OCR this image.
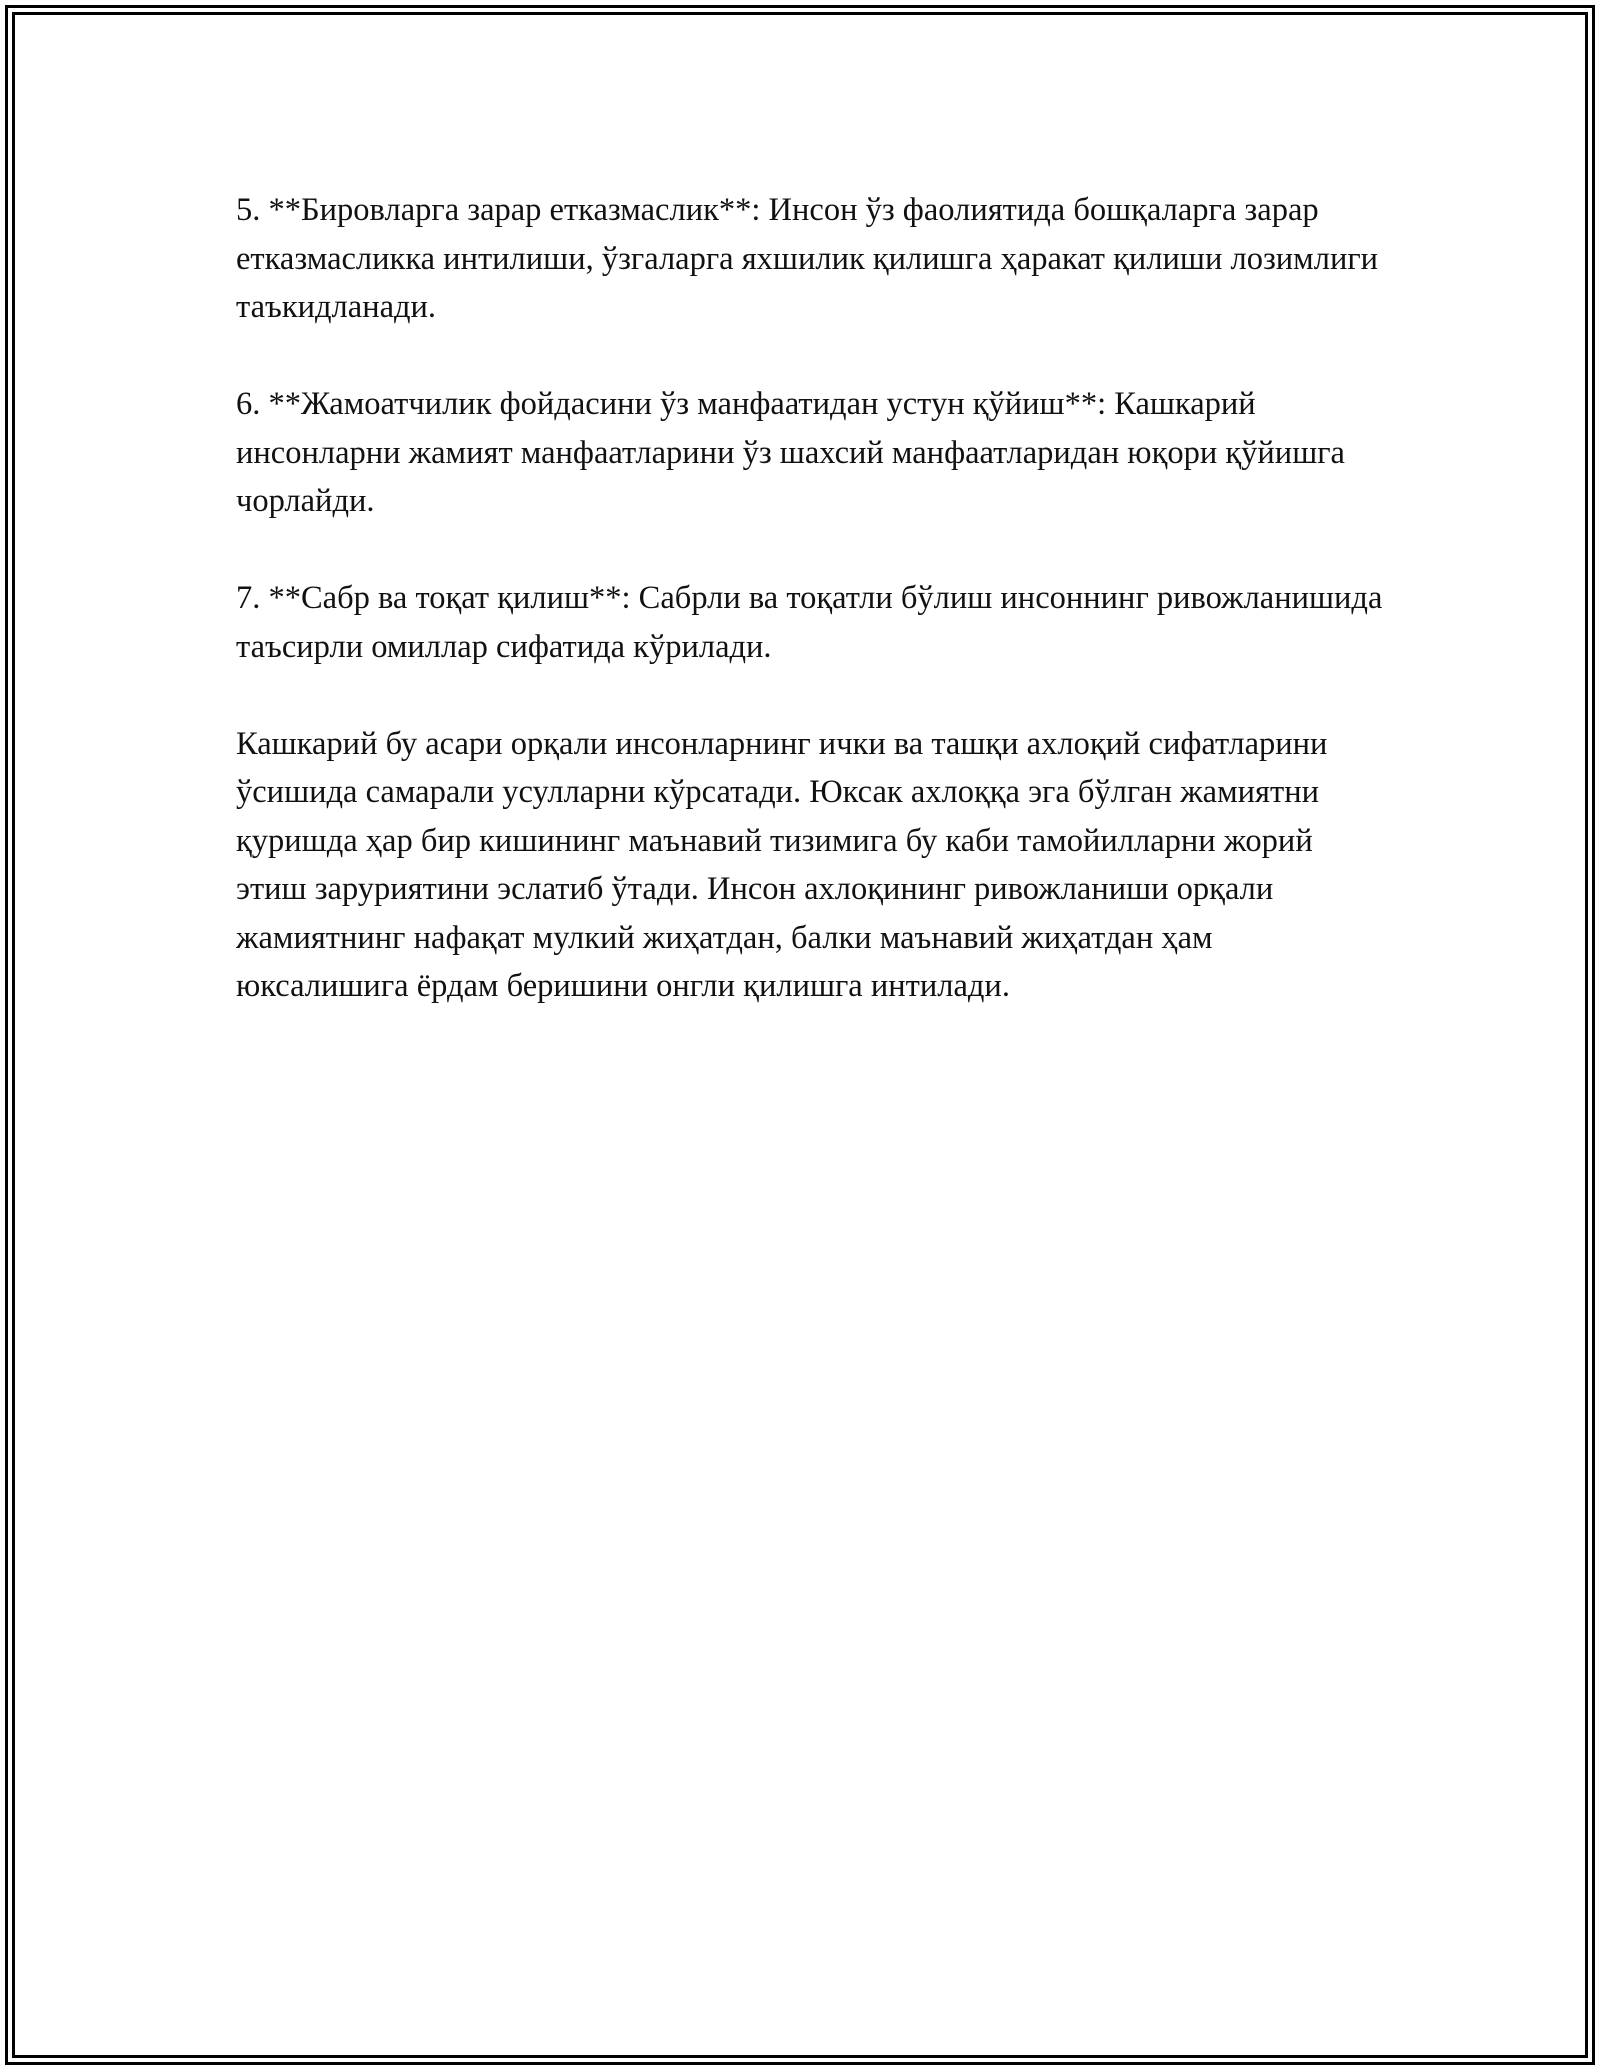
5. **Бировларга зарар етказмаслик**: Инсон ўз фаолиятида бошқаларга зарар етказмасликка интилиши, ўзгаларга яхшилик қилишга ҳаракат қилиши лозимлиги таъкидланади.

6. **Жамоатчилик фойдасини ўз манфаатидан устун қўйиш**: Кашкарий инсонларни жамият манфаатларини ўз шахсий манфаатларидан юқори қўйишга чорлайди.

7. **Сабр ва тоқат қилиш**: Сабрли ва тоқатли бўлиш инсоннинг ривожланишида таъсирли омиллар сифатида кўрилади.

Кашкарий бу асари орқали инсонларнинг ички ва ташқи ахлоқий сифатларини ўсишида самарали усулларни кўрсатади. Юксак ахлоққа эга бўлган жамиятни қуришда ҳар бир кишининг маънавий тизимига бу каби тамойилларни жорий этиш заруриятини эслатиб ўтади. Инсон ахлоқининг ривожланиши орқали жамиятнинг нафақат мулкий жиҳатдан, балки маънавий жиҳатдан ҳам юксалишига ёрдам беришини онгли қилишга интилади.
